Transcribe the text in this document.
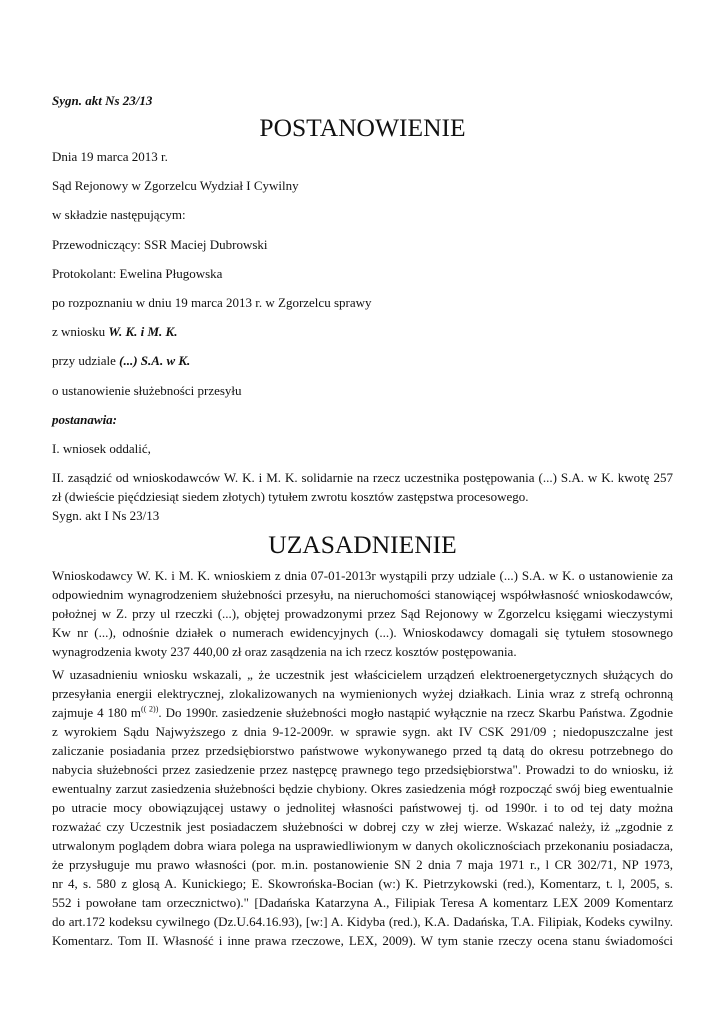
Sygn. akt Ns 23/13
POSTANOWIENIE
Dnia 19 marca 2013 r.
Sąd Rejonowy w Zgorzelcu Wydział I Cywilny
w składzie następującym:
Przewodniczący: SSR Maciej Dubrowski
Protokolant: Ewelina Pługowska
po rozpoznaniu w dniu 19 marca 2013 r. w Zgorzelcu sprawy
z wniosku W. K. i M. K.
przy udziale (...) S.A. w K.
o ustanowienie służebności przesyłu
postanawia:
I. wniosek oddalić,
II. zasądzić od wnioskodawców W. K. i M. K. solidarnie na rzecz uczestnika postępowania (...) S.A. w K. kwotę 257
zł (dwieście pięćdziesiąt siedem złotych) tytułem zwrotu kosztów zastępstwa procesowego.
Sygn. akt I Ns 23/13
UZASADNIENIE
Wnioskodawcy W. K. i M. K. wnioskiem z dnia 07-01-2013r wystąpili przy udziale (...) S.A. w K. o ustanowienie za
odpowiednim wynagrodzeniem służebności przesyłu, na nieruchomości stanowiącej współwłasność wnioskodawców,
położnej w Z. przy ul rzeczki (...), objętej prowadzonymi przez Sąd Rejonowy w Zgorzelcu księgami wieczystymi
Kw nr (...), odnośnie działek o numerach ewidencyjnych (...). Wnioskodawcy domagali się tytułem stosownego
wynagrodzenia kwoty 237 440,00 zł oraz zasądzenia na ich rzecz kosztów postępowania.
W uzasadnieniu wniosku wskazali, „ że uczestnik jest właścicielem urządzeń elektroenergetycznych służących do
przesyłania energii elektrycznej, zlokalizowanych na wymienionych wyżej działkach. Linia wraz z strefą ochronną
zajmuje 4 180 $m^{(( 2))}$. Do 1990r. zasiedzenie służebności mogło nastąpić wyłącznie na rzecz Skarbu Państwa. Zgodnie
z wyrokiem Sądu Najwyższego z dnia 9-12-2009r. w sprawie sygn. akt IV CSK 291/09 ; niedopuszczalne jest
zaliczanie posiadania przez przedsiębiorstwo państwowe wykonywanego przed tą datą do okresu potrzebnego do
nabycia służebności przez zasiedzenie przez następcę prawnego tego przedsiębiorstwa". Prowadzi to do wniosku, iż
ewentualny zarzut zasiedzenia służebności będzie chybiony. Okres zasiedzenia mógł rozpocząć swój bieg ewentualnie
po utracie mocy obowiązującej ustawy o jednolitej własności państwowej tj. od 1990r. i to od tej daty można
rozważać czy Uczestnik jest posiadaczem służebności w dobrej czy w złej wierze. Wskazać należy, iż „zgodnie z
utrwalonym poglądem dobra wiara polega na usprawiedliwionym w danych okolicznościach przekonaniu posiadacza,
że przysługuje mu prawo własności (por. m.in. postanowienie SN 2 dnia 7 maja 1971 r., l CR 302/71, NP 1973,
nr 4, s. 580 z glosą A. Kunickiego; E. Skowrońska-Bocian (w:) K. Pietrzykowski (red.), Komentarz, t. l, 2005, s.
552 i powołane tam orzecznictwo)." [Dadańska Katarzyna A., Filipiak Teresa A komentarz LEX 2009 Komentarz
do art.172 kodeksu cywilnego (Dz.U.64.16.93), [w:] A. Kidyba (red.), K.A. Dadańska, T.A. Filipiak, Kodeks cywilny.
Komentarz. Tom II. Własność i inne prawa rzeczowe, LEX, 2009). W tym stanie rzeczy ocena stanu świadomości
